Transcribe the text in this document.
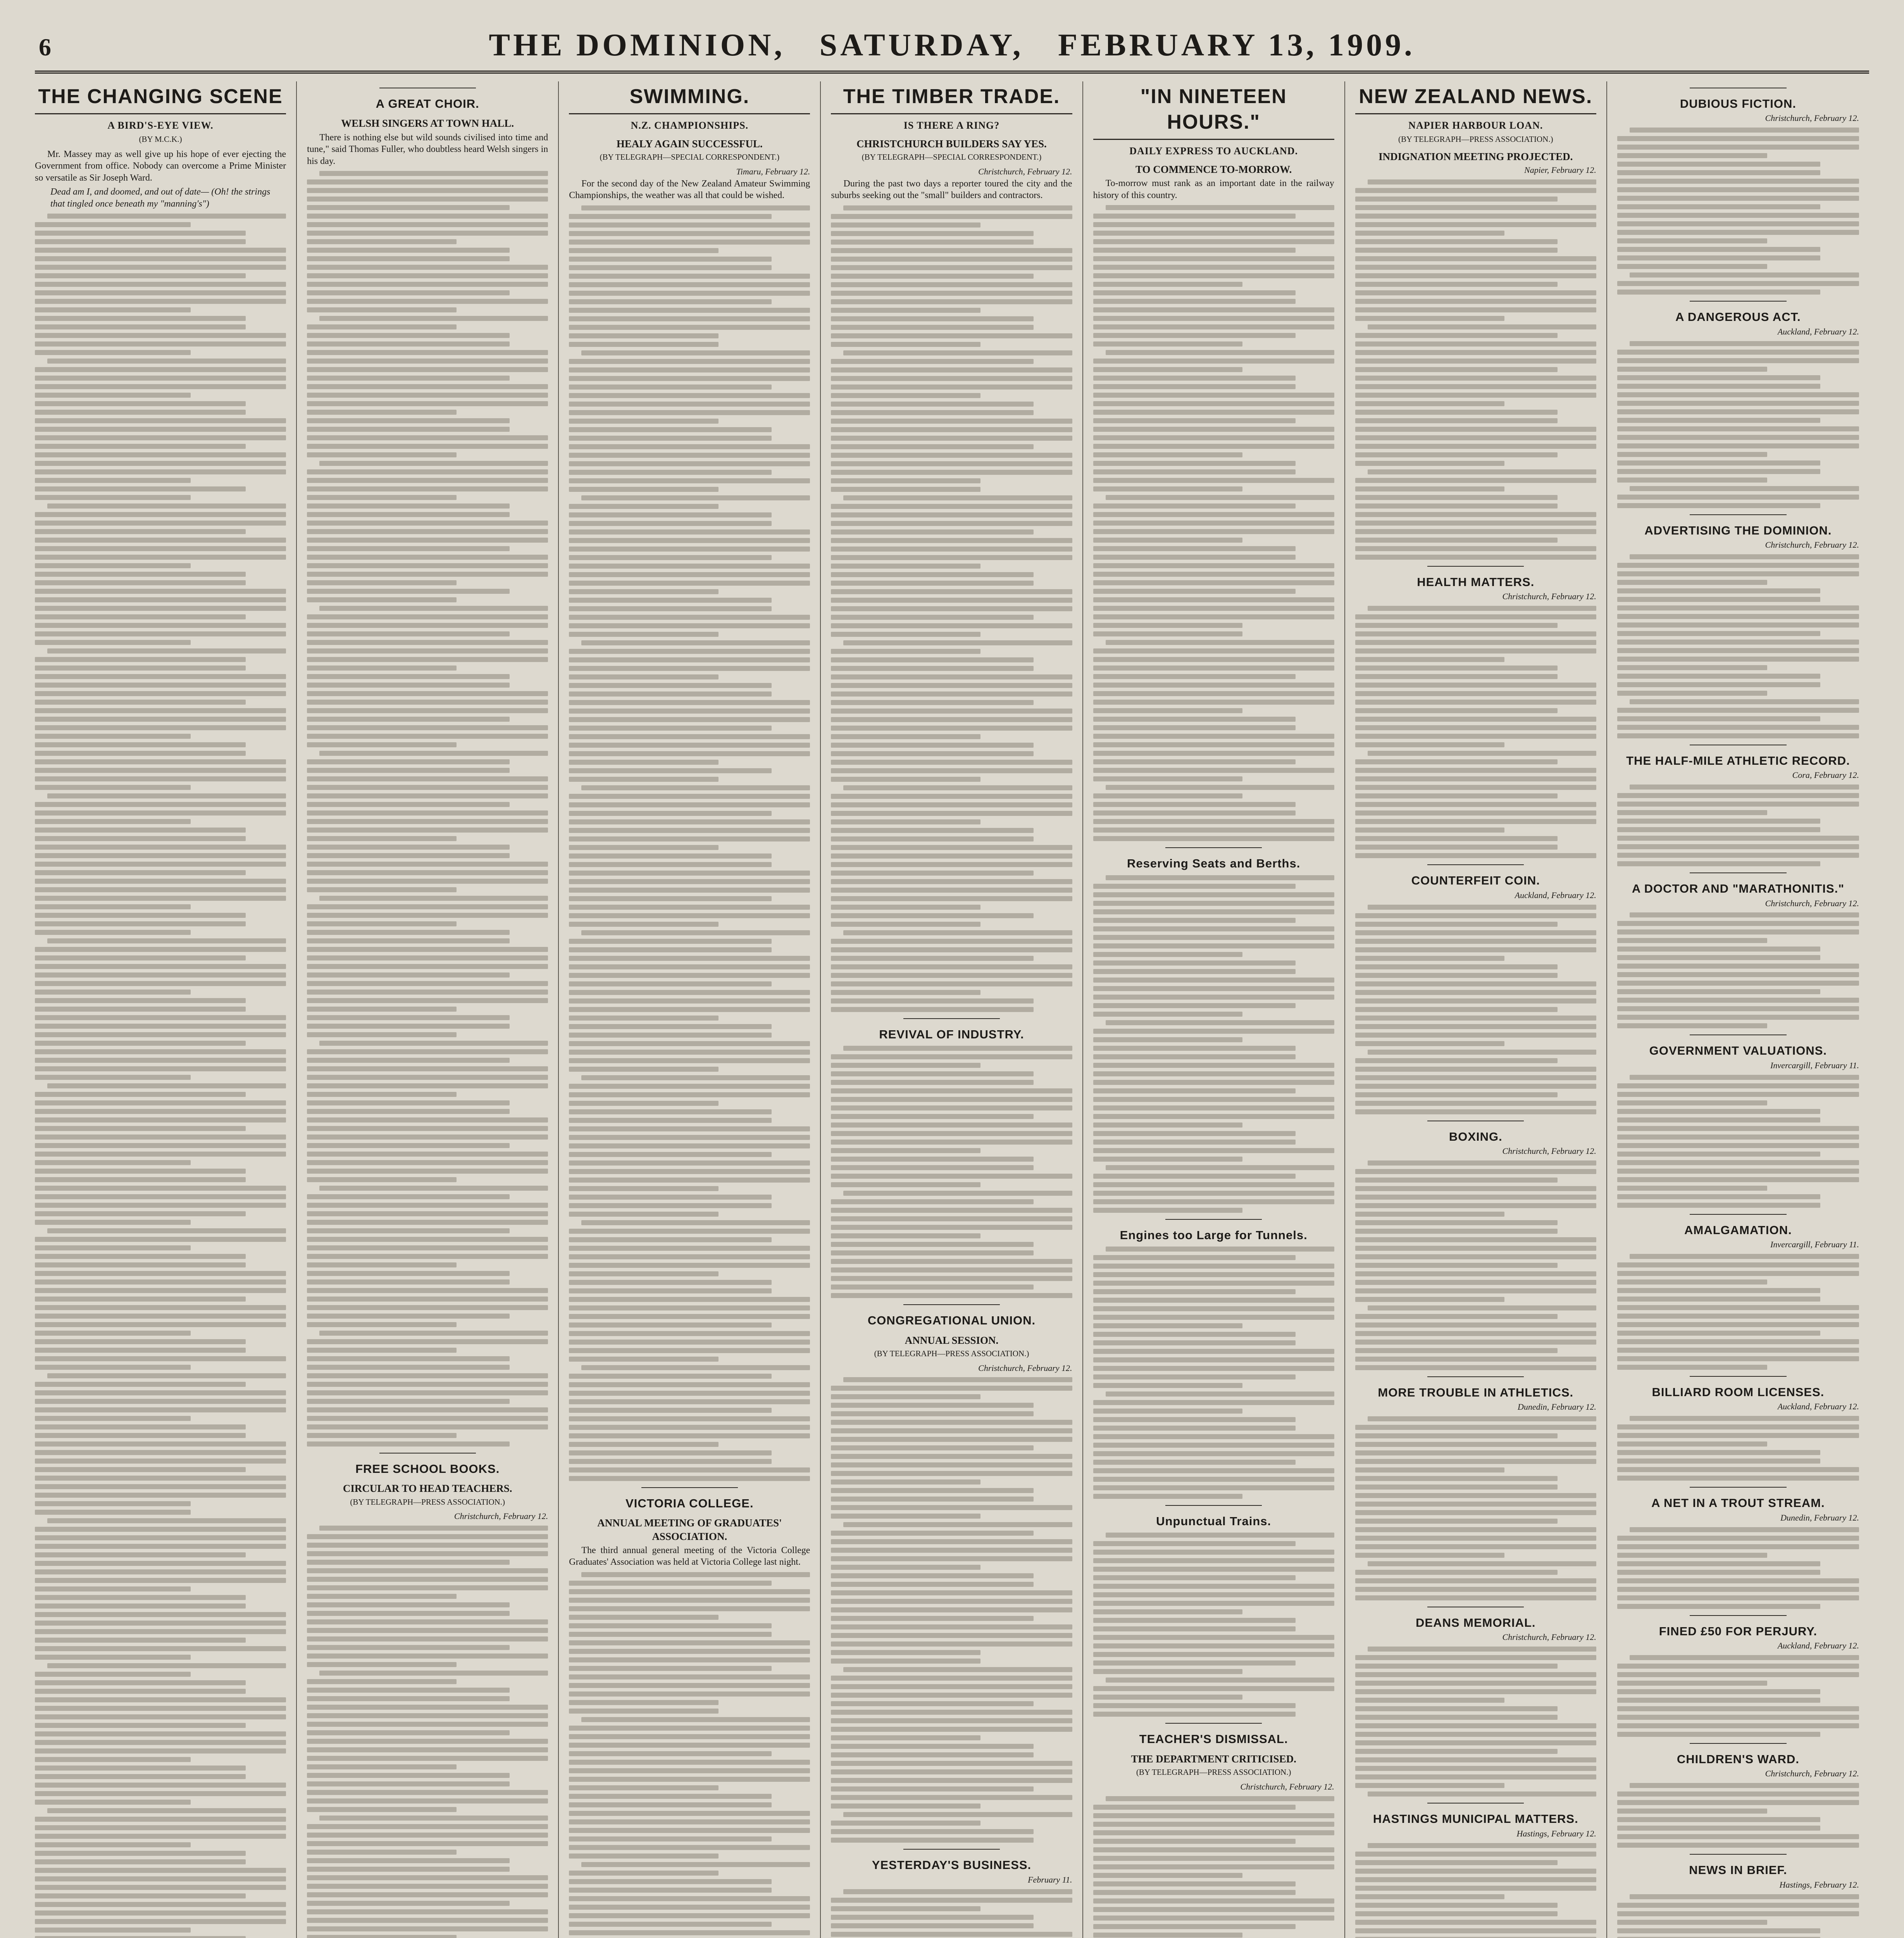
6	THE DOMINION, SATURDAY, FEBRUARY 13, 1909.
THE CHANGING SCENE
A BIRD'S-EYE VIEW.
(BY M.C.K.)

Mr. Massey may as well give up his hope of ever ejecting the Government from office. Nobody can overcome a Prime Minister so versatile as Sir Joseph Ward.

Dead am I, and doomed, and out of date— (Oh! the strings that tingled once beneath my "manning's")
A GREAT CHOIR.
WELSH SINGERS AT TOWN HALL.

There is nothing else but wild sounds civilised into time and tune," said Thomas Fuller, who doubtless heard Welsh singers in his day.

FREE SCHOOL BOOKS.
CIRCULAR TO HEAD TEACHERS.
(BY TELEGRAPH—PRESS ASSOCIATION.)
Christchurch, February 12.
SWIMMING.
N.Z. CHAMPIONSHIPS.
HEALY AGAIN SUCCESSFUL.
(BY TELEGRAPH—SPECIAL CORRESPONDENT.)
Timaru, February 12.

For the second day of the New Zealand Amateur Swimming Championships, the weather was all that could be wished.

VICTORIA COLLEGE.
ANNUAL MEETING OF GRADUATES' ASSOCIATION.

The third annual general meeting of the Victoria College Graduates' Association was held at Victoria College last night.

THE TIMBER TRADE.
IS THERE A RING?
CHRISTCHURCH BUILDERS SAY YES.
(BY TELEGRAPH—SPECIAL CORRESPONDENT.)
Christchurch, February 12.

During the past two days a reporter toured the city and the suburbs seeking out the "small" builders and contractors.

REVIVAL OF INDUSTRY.
CONGREGATIONAL UNION.
ANNUAL SESSION.
(BY TELEGRAPH—PRESS ASSOCIATION.)
Christchurch, February 12.
YESTERDAY'S BUSINESS.
February 11.
"IN NINETEEN HOURS."
DAILY EXPRESS TO AUCKLAND.
TO COMMENCE TO-MORROW.

To-morrow must rank as an important date in the railway history of this country.

Reserving Seats and Berths.
Engines too Large for Tunnels.
Unpunctual Trains.
TEACHER'S DISMISSAL.
THE DEPARTMENT CRITICISED.
(BY TELEGRAPH—PRESS ASSOCIATION.)
Christchurch, February 12.
NEW ZEALAND NEWS.
NAPIER HARBOUR LOAN.
(BY TELEGRAPH—PRESS ASSOCIATION.)
INDIGNATION MEETING PROJECTED.
Napier, February 12.
HEALTH MATTERS.
Christchurch, February 12.
COUNTERFEIT COIN.
Auckland, February 12.
BOXING.
Christchurch, February 12.
MORE TROUBLE IN ATHLETICS.
Dunedin, February 12.
DEANS MEMORIAL.
Christchurch, February 12.
HASTINGS MUNICIPAL MATTERS.
Hastings, February 12.
DUBIOUS FICTION.
Christchurch, February 12.
A DANGEROUS ACT.
Auckland, February 12.
ADVERTISING THE DOMINION.
Christchurch, February 12.
THE HALF-MILE ATHLETIC RECORD.
Cora, February 12.
A DOCTOR AND "MARATHONITIS."
Christchurch, February 12.
GOVERNMENT VALUATIONS.
Invercargill, February 11.
AMALGAMATION.
Invercargill, February 11.
BILLIARD ROOM LICENSES.
Auckland, February 12.
A NET IN A TROUT STREAM.
Dunedin, February 12.
FINED £50 FOR PERJURY.
Auckland, February 12.
CHILDREN'S WARD.
Christchurch, February 12.
NEWS IN BRIEF.
Hastings, February 12.
